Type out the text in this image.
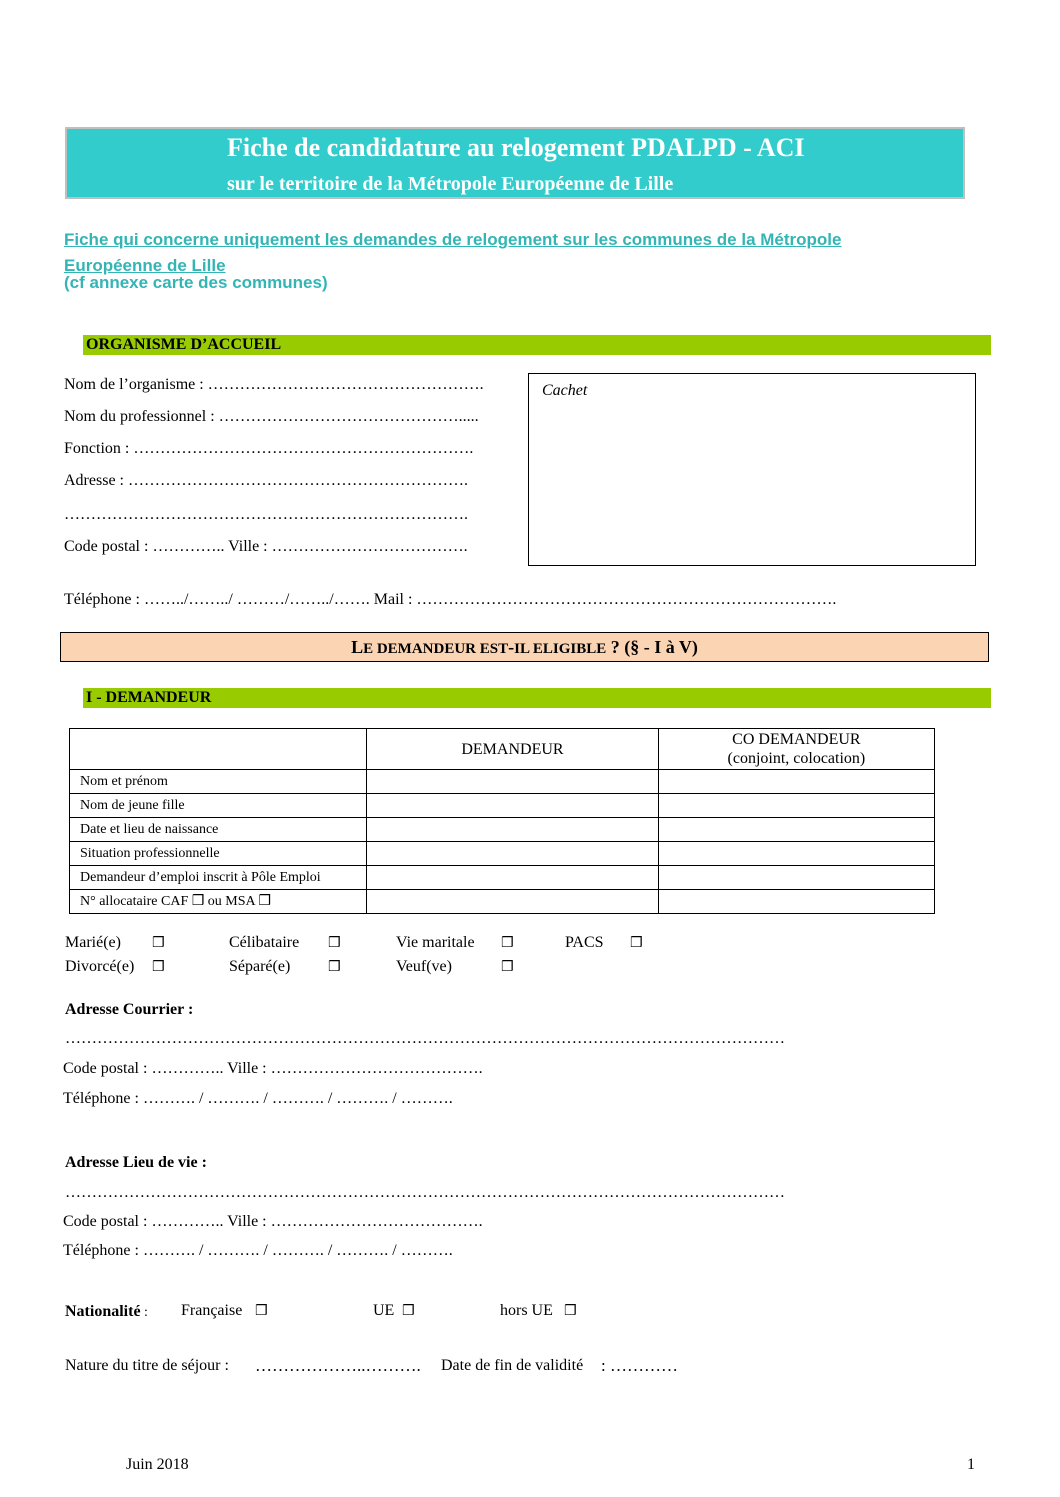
Fiche de candidature au relogement PDALPD - ACI
sur le territoire de la Métropole Européenne de Lille
Fiche qui concerne uniquement les demandes de relogement sur les communes de la Métropole
Européenne de Lille
(cf annexe carte des communes)
ORGANISME D’ACCUEIL
Nom de l’organisme : …………………………………………….
Nom du professionnel : ……………………………………….....
Fonction : ……………………………………………………….
Adresse : ……………………………………………………….
………………………………………………………………….
Code postal : ………….. Ville : ……………………………….
Cachet
Téléphone : ……../……../ ………/……../……. Mail : …………………………………………………………………….
LE DEMANDEUR EST-IL ELIGIBLE ? (§ - I à V)
I - DEMANDEUR
	DEMANDEUR	CO DEMANDEUR
(conjoint, colocation)
Nom et prénom		
Nom de jeune fille		
Date et lieu de naissance		
Situation professionnelle		
Demandeur d’emploi inscrit à Pôle Emploi		
N° allocataire CAF ❒ ou MSA ❒		
Marié(e) ❒	Célibataire ❒	Vie maritale ❒	PACS ❒
Divorcé(e) ❒	Séparé(e)	❒	Veuf(ve)	❒
Adresse Courrier :
………………………………………………………………………………………………………………………
Code postal : ………….. Ville : ………………………………….
Téléphone : ………. / ………. / ………. / ………. / ……….
Adresse Lieu de vie :
………………………………………………………………………………………………………………………
Code postal : ………….. Ville : ………………………………….
Téléphone : ………. / ………. / ………. / ………. / ……….
Nationalité : Française ❒	UE ❒	hors UE ❒
Nature du titre de séjour : ………………..………. Date de fin de validité : …………
Juin 2018	1
